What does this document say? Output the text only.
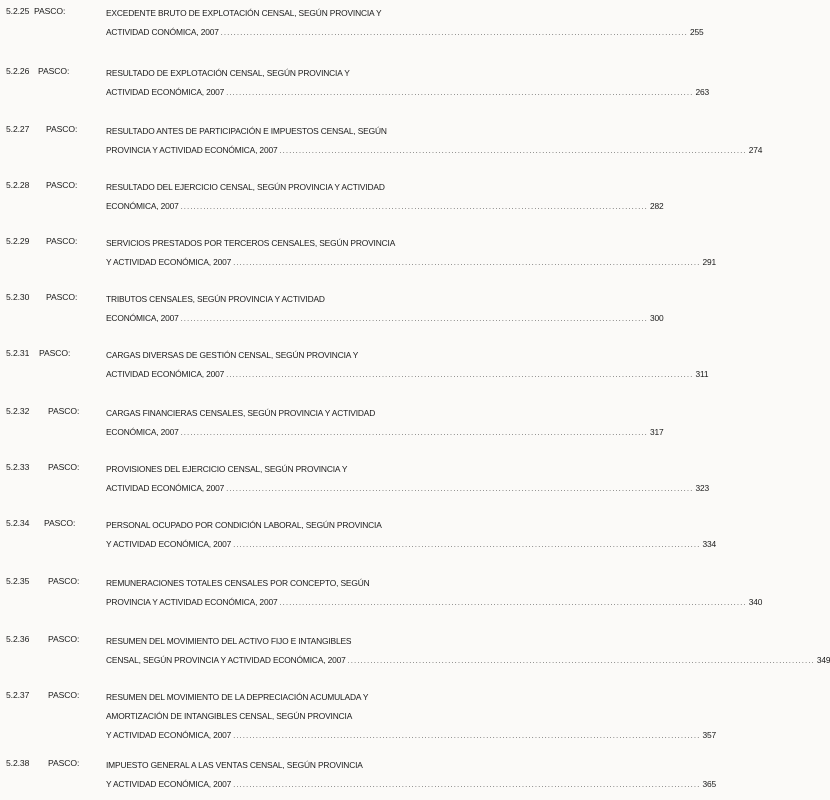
5.2.25 PASCO:	EXCEDENTE BRUTO DE EXPLOTACIÓN CENSAL, SEGÚN PROVINCIA Y
ACTIVIDAD CONÓMICA, 2007 ................................................................................................................................................ 255
5.2.26 PASCO:	RESULTADO DE EXPLOTACIÓN CENSAL, SEGÚN PROVINCIA Y
ACTIVIDAD ECONÓMICA, 2007 ................................................................................................................................................ 263
5.2.27 PASCO:	RESULTADO ANTES DE PARTICIPACIÓN E IMPUESTOS CENSAL, SEGÚN
PROVINCIA Y ACTIVIDAD ECONÓMICA, 2007 ................................................................................................................................................ 274
5.2.28 PASCO:	RESULTADO DEL EJERCICIO CENSAL, SEGÚN PROVINCIA Y ACTIVIDAD
ECONÓMICA, 2007 ................................................................................................................................................ 282
5.2.29 PASCO:	SERVICIOS PRESTADOS POR TERCEROS CENSALES, SEGÚN PROVINCIA
Y ACTIVIDAD ECONÓMICA, 2007 ................................................................................................................................................ 291
5.2.30 PASCO:	TRIBUTOS CENSALES, SEGÚN PROVINCIA Y ACTIVIDAD
ECONÓMICA, 2007 ................................................................................................................................................ 300
5.2.31 PASCO:	CARGAS DIVERSAS DE GESTIÓN CENSAL, SEGÚN PROVINCIA Y
ACTIVIDAD ECONÓMICA, 2007 ................................................................................................................................................ 311
5.2.32 PASCO:	CARGAS FINANCIERAS CENSALES, SEGÚN PROVINCIA Y ACTIVIDAD
ECONÓMICA, 2007 ................................................................................................................................................ 317
5.2.33 PASCO:	PROVISIONES DEL EJERCICIO CENSAL, SEGÚN PROVINCIA Y
ACTIVIDAD ECONÓMICA, 2007 ................................................................................................................................................ 323
5.2.34 PASCO:	PERSONAL OCUPADO POR CONDICIÓN LABORAL, SEGÚN PROVINCIA
Y ACTIVIDAD ECONÓMICA, 2007 ................................................................................................................................................ 334
5.2.35 PASCO:	REMUNERACIONES TOTALES CENSALES POR CONCEPTO, SEGÚN
PROVINCIA Y ACTIVIDAD ECONÓMICA, 2007 ................................................................................................................................................ 340
5.2.36 PASCO:	RESUMEN DEL MOVIMIENTO DEL ACTIVO FIJO E INTANGIBLES
CENSAL, SEGÚN PROVINCIA Y ACTIVIDAD ECONÓMICA, 2007 ................................................................................................................................................ 349
5.2.37 PASCO:	RESUMEN DEL MOVIMIENTO DE LA DEPRECIACIÓN ACUMULADA Y
AMORTIZACIÓN DE INTANGIBLES CENSAL, SEGÚN PROVINCIA
Y ACTIVIDAD ECONÓMICA, 2007 ................................................................................................................................................ 357
5.2.38 PASCO:	IMPUESTO GENERAL A LAS VENTAS CENSAL, SEGÚN PROVINCIA
Y ACTIVIDAD ECONÓMICA, 2007 ................................................................................................................................................ 365
